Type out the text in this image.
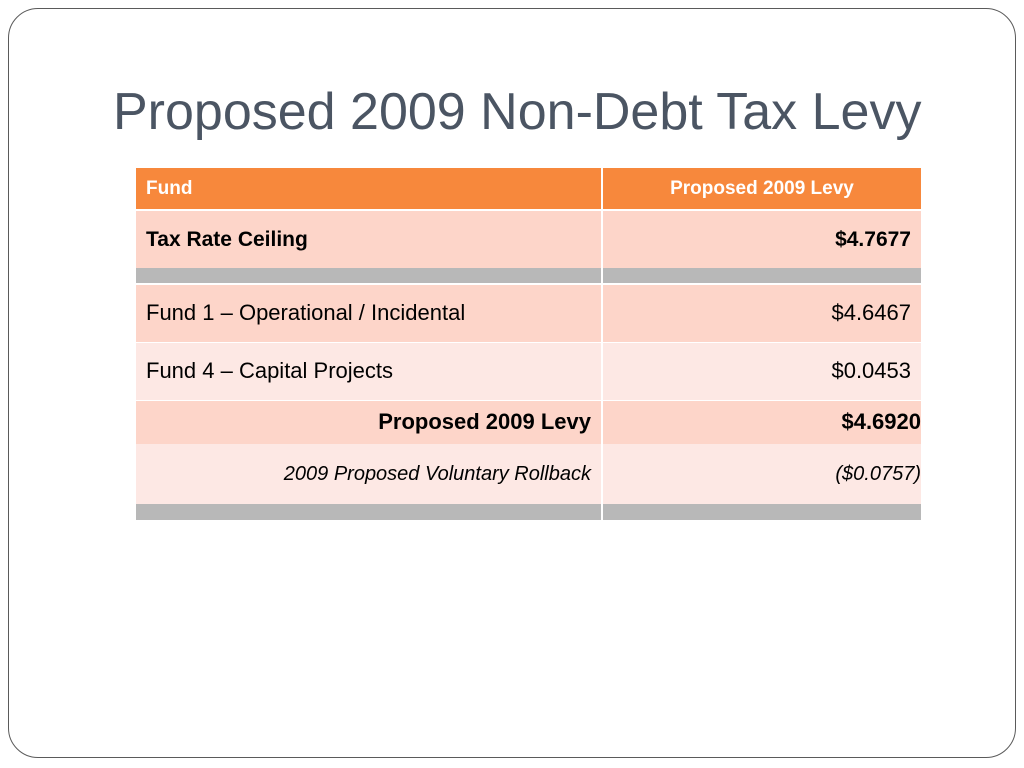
Proposed 2009 Non-Debt Tax Levy
Fund	Proposed 2009 Levy
Tax Rate Ceiling	$4.7677

Fund 1 – Operational / Incidental	$4.6467
Fund 4 – Capital Projects	$0.0453
Proposed 2009 Levy	$4.6920
2009 Proposed Voluntary Rollback	($0.0757)
